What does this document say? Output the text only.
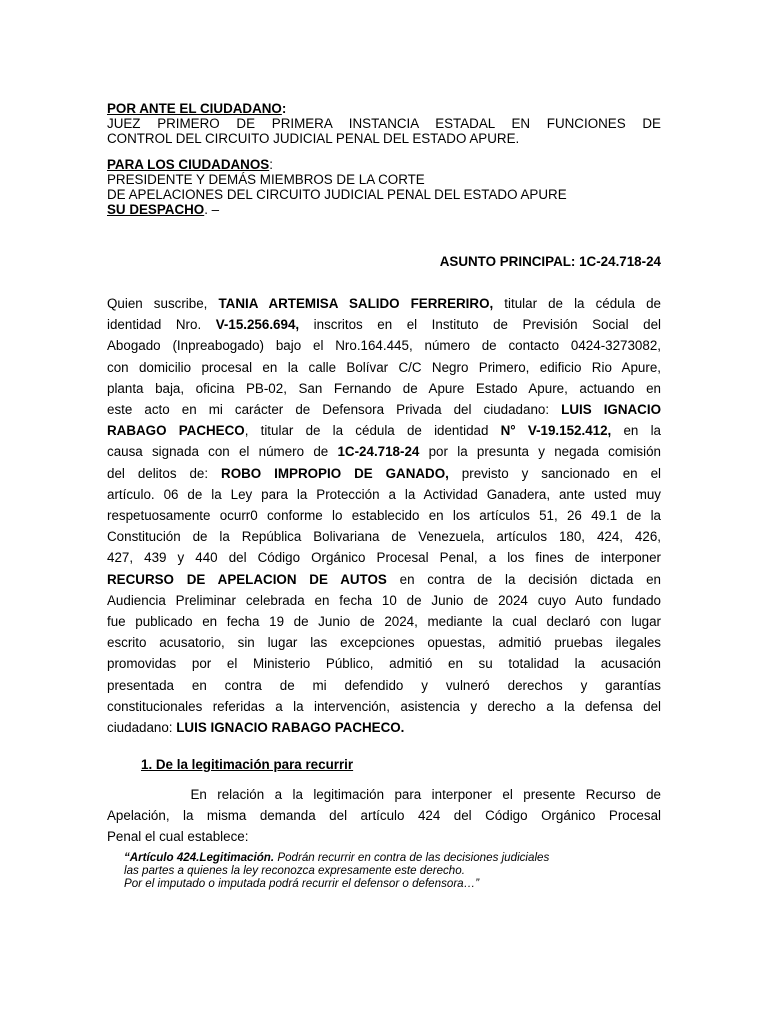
POR ANTE EL CIUDADANO:
JUEZ PRIMERO DE PRIMERA INSTANCIA ESTADAL EN FUNCIONES DE
CONTROL DEL CIRCUITO JUDICIAL PENAL DEL ESTADO APURE.
PARA LOS CIUDADANOS:
PRESIDENTE Y DEMÁS MIEMBROS DE LA CORTE
DE APELACIONES DEL CIRCUITO JUDICIAL PENAL DEL ESTADO APURE
SU DESPACHO. –
ASUNTO PRINCIPAL: 1C-24.718-24
Quien suscribe, TANIA ARTEMISA SALIDO FERRERIRO, titular de la cédula de
identidad Nro. V-15.256.694, inscritos en el Instituto de Previsión Social del
Abogado (Inpreabogado) bajo el Nro.164.445, número de contacto 0424-3273082,
con domicilio procesal en la calle Bolívar C/C Negro Primero, edificio Rio Apure,
planta baja, oficina PB-02, San Fernando de Apure Estado Apure, actuando en
este acto en mi carácter de Defensora Privada del ciudadano: LUIS IGNACIO
RABAGO PACHECO, titular de la cédula de identidad N° V-19.152.412, en la
causa signada con el número de 1C-24.718-24 por la presunta y negada comisión
del delitos de: ROBO IMPROPIO DE GANADO, previsto y sancionado en el
artículo. 06 de la Ley para la Protección a la Actividad Ganadera, ante usted muy
respetuosamente ocurr0 conforme lo establecido en los artículos 51, 26 49.1 de la
Constitución de la República Bolivariana de Venezuela, artículos 180, 424, 426,
427, 439 y 440 del Código Orgánico Procesal Penal, a los fines de interponer
RECURSO DE APELACION DE AUTOS en contra de la decisión dictada en
Audiencia Preliminar celebrada en fecha 10 de Junio de 2024 cuyo Auto fundado
fue publicado en fecha 19 de Junio de 2024, mediante la cual declaró con lugar
escrito acusatorio, sin lugar las excepciones opuestas, admitió pruebas ilegales
promovidas por el Ministerio Público, admitió en su totalidad la acusación
presentada en contra de mi defendido y vulneró derechos y garantías
constitucionales referidas a la intervención, asistencia y derecho a la defensa del
ciudadano: LUIS IGNACIO RABAGO PACHECO.
1. De la legitimación para recurrir
En relación a la legitimación para interponer el presente Recurso de
Apelación, la misma demanda del artículo 424 del Código Orgánico Procesal
Penal el cual establece:
“Artículo 424.Legitimación. Podrán recurrir en contra de las decisiones judiciales
las partes a quienes la ley reconozca expresamente este derecho.
Por el imputado o imputada podrá recurrir el defensor o defensora…”
